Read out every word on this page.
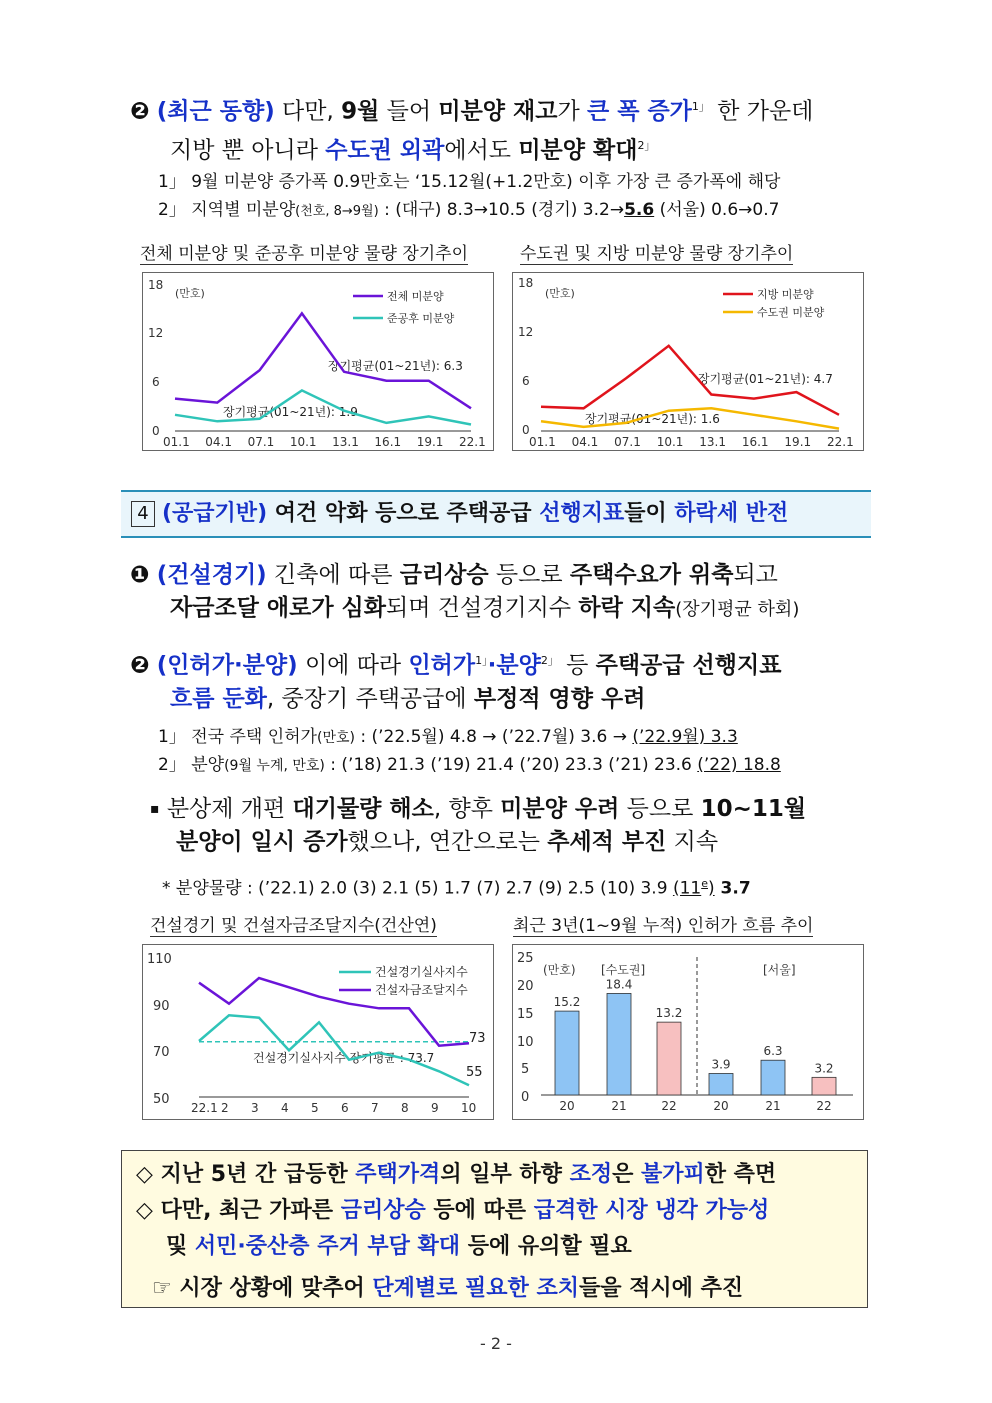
❷ (최근 동향) 다만, 9월 들어 미분양 재고가 큰 폭 증가$^{1」}$ 한 가운데
지방 뿐 아니라 수도권 외곽에서도 미분양 확대$^{2」}$
1」 9월 미분양 증가폭 0.9만호는 ‘15.12월(+1.2만호) 이후 가장 큰 증가폭에 해당
2」 지역별 미분양(천호, 8→9월) : (대구) 8.3→10.5 (경기) 3.2→5.6 (서울) 0.6→0.7
전체 미분양 및 준공후 미분양 물량 장기추이	수도권 및 지방 미분양 물량 장기추이
18
12
6
0
(만호)	전체 미분양
준공후 미분양
장기평균(01~21년): 6.3
장기평균(01~21년): 1.9
01.1 04.1 07.1 10.1 13.1 16.1 19.1 22.1
18
12
6
0
(만호)	지방 미분양
수도권 미분양
장기평균(01~21년): 4.7
장기평균(01~21년): 1.6
01.1 04.1 07.1 10.1 13.1 16.1 19.1 22.1
4 (공급기반) 여건 악화 등으로 주택공급 선행지표들이 하락세 반전
❶ (건설경기) 긴축에 따른 금리상승 등으로 주택수요가 위축되고
자금조달 애로가 심화되며 건설경기지수 하락 지속(장기평균 하회)
❷ (인허가·분양) 이에 따라 인허가$^{1」}$·분양$^{2」}$ 등 주택공급 선행지표
흐름 둔화, 중장기 주택공급에 부정적 영향 우려
1」 전국 주택 인허가(만호) : (’22.5월) 4.8 → (’22.7월) 3.6 → (’22.9월) 3.3
2」 분양(9월 누계, 만호) : (’18) 21.3 (’19) 21.4 (’20) 23.3 (’21) 23.6 (’22) 18.8
▪ 분상제 개편 대기물량 해소, 향후 미분양 우려 등으로 10~11월
분양이 일시 증가했으나, 연간으로는 추세적 부진 지속
* 분양물량 : (’22.1) 2.0 (3) 2.1 (5) 1.7 (7) 2.7 (9) 2.5 (10) 3.9 (11e) 3.7
건설경기 및 건설자금조달지수(건산연)	최근 3년(1~9월 누적) 인허가 흐름 추이
110
90
70
50
건설경기실사지수
건설자금조달지수
건설경기실사지수 장기평균 : 73.7
55
73
22.1 2 3 4 5 6 7 8 9 10
25
20
15
10
5
0
(만호) [수도권]	[서울]
15.2
20
18.4
21
13.2
22
3.9
20
6.3
21
3.2
22
◇ 지난 5년 간 급등한 주택가격의 일부 하향 조정은 불가피한 측면
◇ 다만, 최근 가파른 금리상승 등에 따른 급격한 시장 냉각 가능성
및 서민·중산층 주거 부담 확대 등에 유의할 필요
☞ 시장 상황에 맞추어 단계별로 필요한 조치들을 적시에 추진
- 2 -
